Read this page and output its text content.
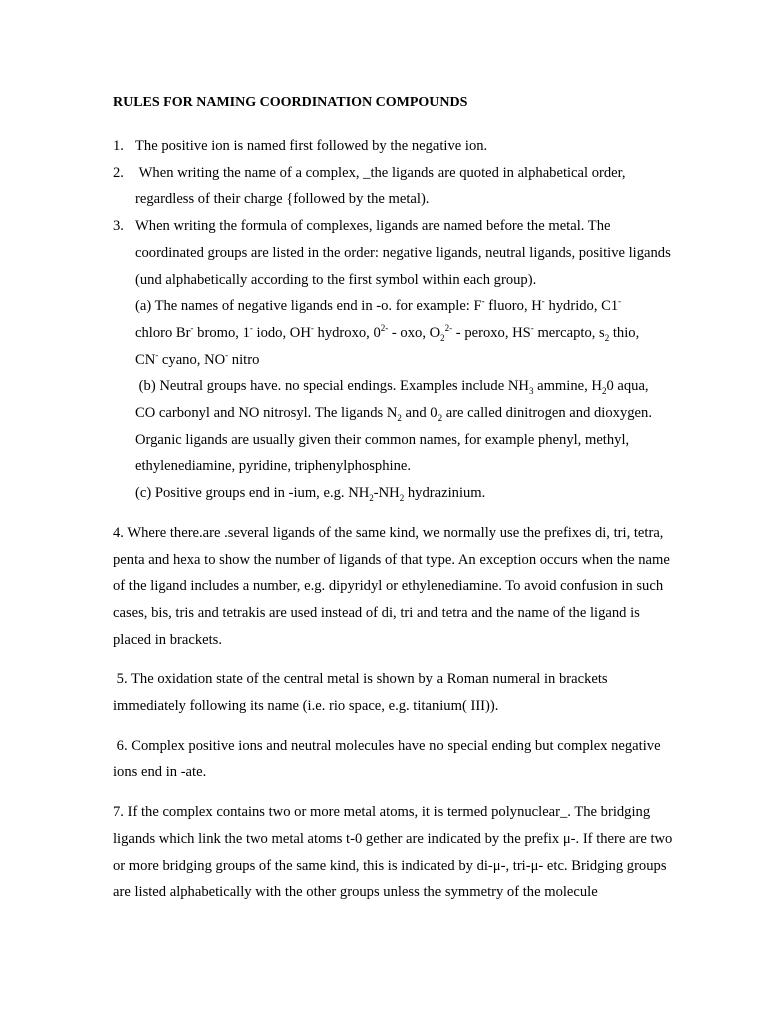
RULES FOR NAMING COORDINATION COMPOUNDS
1. The positive ion is named first followed by the negative ion.
2. When writing the name of a complex, _the ligands are quoted in alphabetical order, regardless of their charge {followed by the metal).
3. When writing the formula of complexes, ligands are named before the metal. The coordinated groups are listed in the order: negative ligands, neutral ligands, positive ligands (und alphabetically according to the first symbol within each group).
(a) The names of negative ligands end in -o. for example: F- fluoro, H- hydrido, C1-
chloro Br- bromo, 1- iodo, OH- hydroxo, $0^{2-}$ - oxo, $O_2^{2-}$ - peroxo, HS- mercapto, $s_2$ thio,
CN- cyano, NO- nitro
(b) Neutral groups have. no special endings. Examples include $NH_3$ ammine, $H_20$ aqua,
CO carbonyl and NO nitrosyl. The ligands $N_2$ and $0_2$ are called dinitrogen and dioxygen.
Organic ligands are usually given their common names, for example phenyl, methyl, ethylenediamine, pyridine, triphenylphosphine.
(c) Positive groups end in -ium, e.g. $NH_2-NH_2$ hydrazinium.

4. Where there.are .several ligands of the same kind, we normally use the prefixes di, tri, tetra, penta and hexa to show the number of ligands of that type. An exception occurs when the name of the ligand includes a number, e.g. dipyridyl or ethylenediamine. To avoid confusion in such cases, bis, tris and tetrakis are used instead of di, tri and tetra and the name of the ligand is placed in brackets.

5. The oxidation state of the central metal is shown by a Roman numeral in brackets immediately following its name (i.e. rio space, e.g. titanium( III)).

6. Complex positive ions and neutral molecules have no special ending but complex negative ions end in -ate.

7. If the complex contains two or more metal atoms, it is termed polynuclear_. The bridging ligands which link the two metal atoms t-0 gether are indicated by the prefix μ-. If there are two or more bridging groups of the same kind, this is indicated by di-μ-, tri-μ- etc. Bridging groups are listed alphabetically with the other groups unless the symmetry of the molecule
